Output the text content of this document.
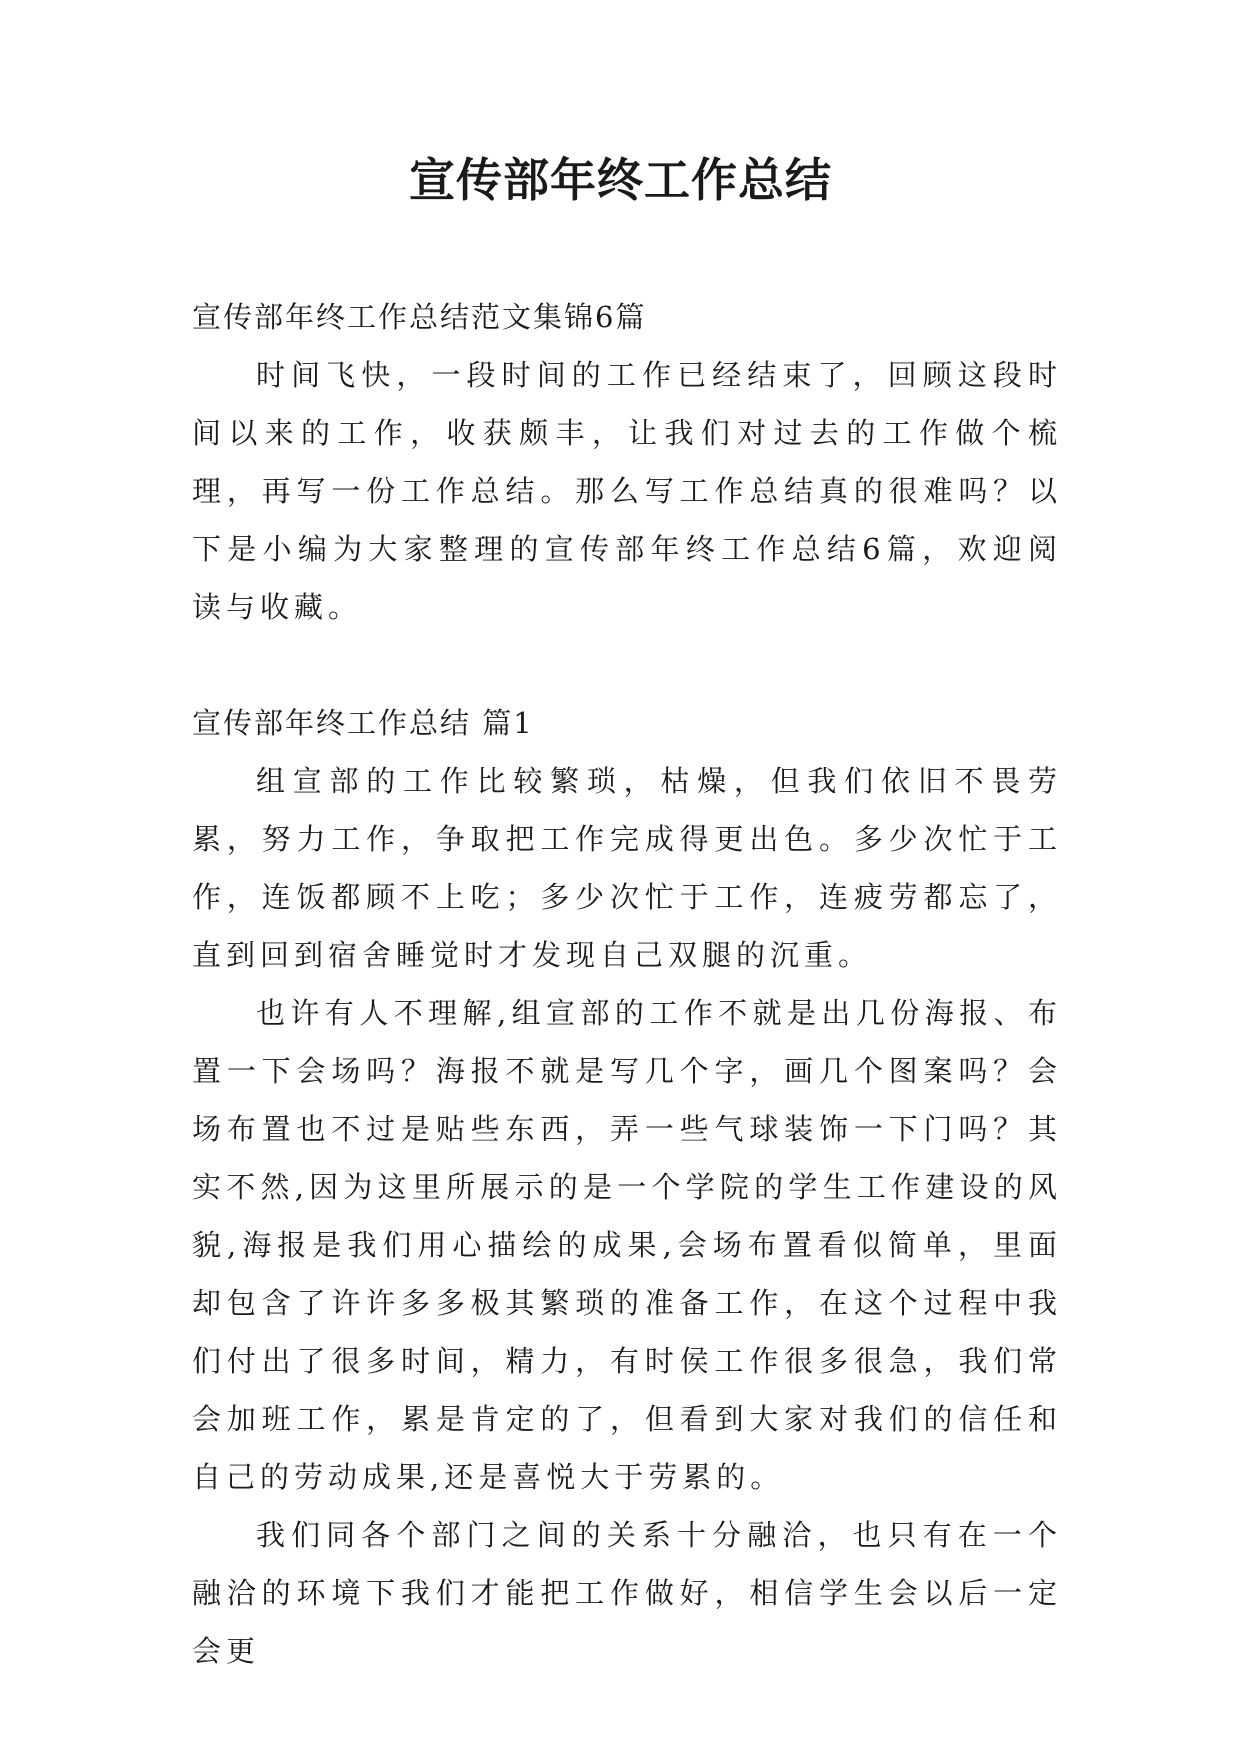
宣传部年终工作总结

宣传部年终工作总结范文集锦6篇

时间飞快，一段时间的工作已经结束了，回顾这段时间以来的工作，收获颇丰，让我们对过去的工作做个梳理，再写一份工作总结。那么写工作总结真的很难吗？以下是小编为大家整理的宣传部年终工作总结6篇，欢迎阅读与收藏。

宣传部年终工作总结 篇1

组宣部的工作比较繁琐，枯燥，但我们依旧不畏劳累，努力工作，争取把工作完成得更出色。多少次忙于工作，连饭都顾不上吃；多少次忙于工作，连疲劳都忘了，直到回到宿舍睡觉时才发现自己双腿的沉重。

也许有人不理解,组宣部的工作不就是出几份海报、布置一下会场吗？海报不就是写几个字，画几个图案吗？会场布置也不过是贴些东西，弄一些气球装饰一下门吗？其实不然,因为这里所展示的是一个学院的学生工作建设的风貌,海报是我们用心描绘的成果,会场布置看似简单，里面却包含了许许多多极其繁琐的准备工作，在这个过程中我们付出了很多时间，精力，有时侯工作很多很急，我们常会加班工作，累是肯定的了，但看到大家对我们的信任和自己的劳动成果,还是喜悦大于劳累的。

我们同各个部门之间的关系十分融洽，也只有在一个融洽的环境下我们才能把工作做好，相信学生会以后一定会更
